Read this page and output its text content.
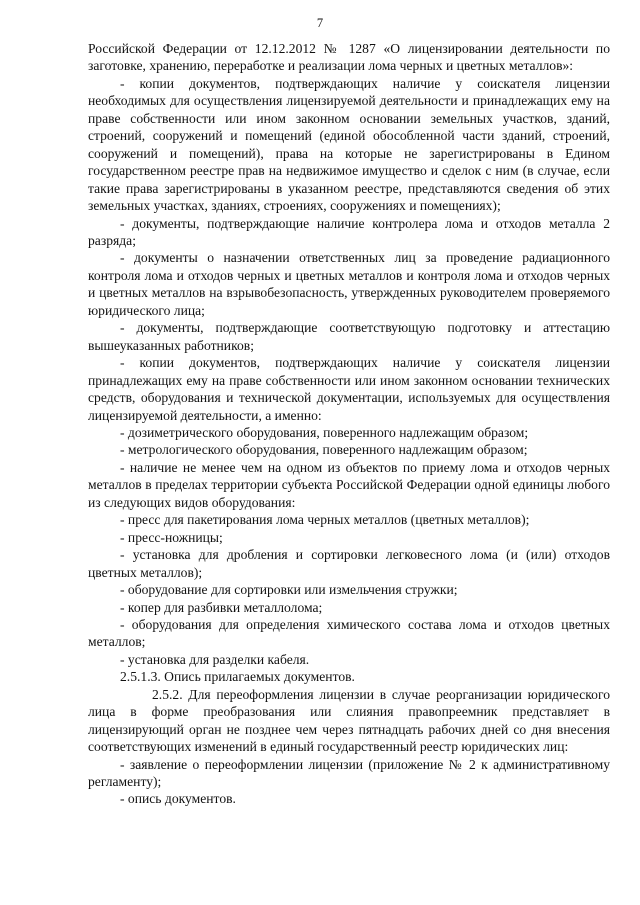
7

Российской Федерации от 12.12.2012 № 1287 «О лицензировании деятельности по заготовке, хранению, переработке и реализации лома черных и цветных металлов»:

- копии документов, подтверждающих наличие у соискателя лицензии необходимых для осуществления лицензируемой деятельности и принадлежащих ему на праве собственности или ином законном основании земельных участков, зданий, строений, сооружений и помещений (единой обособленной части зданий, строений, сооружений и помещений), права на которые не зарегистрированы в Едином государственном реестре прав на недвижимое имущество и сделок с ним (в случае, если такие права зарегистрированы в указанном реестре, представляются сведения об этих земельных участках, зданиях, строениях, сооружениях и помещениях);

- документы, подтверждающие наличие контролера лома и отходов металла 2 разряда;

- документы о назначении ответственных лиц за проведение радиационного контроля лома и отходов черных и цветных металлов и контроля лома и отходов черных и цветных металлов на взрывобезопасность, утвержденных руководителем проверяемого юридического лица;

- документы, подтверждающие соответствующую подготовку и аттестацию вышеуказанных работников;

- копии документов, подтверждающих наличие у соискателя лицензии принадлежащих ему на праве собственности или ином законном основании технических средств, оборудования и технической документации, используемых для осуществления лицензируемой деятельности, а именно:

- дозиметрического оборудования, поверенного надлежащим образом;

- метрологического оборудования, поверенного надлежащим образом;

- наличие не менее чем на одном из объектов по приему лома и отходов черных металлов в пределах территории субъекта Российской Федерации одной единицы любого из следующих видов оборудования:

- пресс для пакетирования лома черных металлов (цветных металлов);

- пресс-ножницы;

- установка для дробления и сортировки легковесного лома (и (или) отходов цветных металлов);

- оборудование для сортировки или измельчения стружки;

- копер для разбивки металлолома;

- оборудования для определения химического состава лома и отходов цветных металлов;

- установка для разделки кабеля.

2.5.1.3. Опись прилагаемых документов.

2.5.2. Для переоформления лицензии в случае реорганизации юридического лица в форме преобразования или слияния правопреемник представляет в лицензирующий орган не позднее чем через пятнадцать рабочих дней со дня внесения соответствующих изменений в единый государственный реестр юридических лиц:

- заявление о переоформлении лицензии (приложение № 2 к административному регламенту);

- опись документов.
